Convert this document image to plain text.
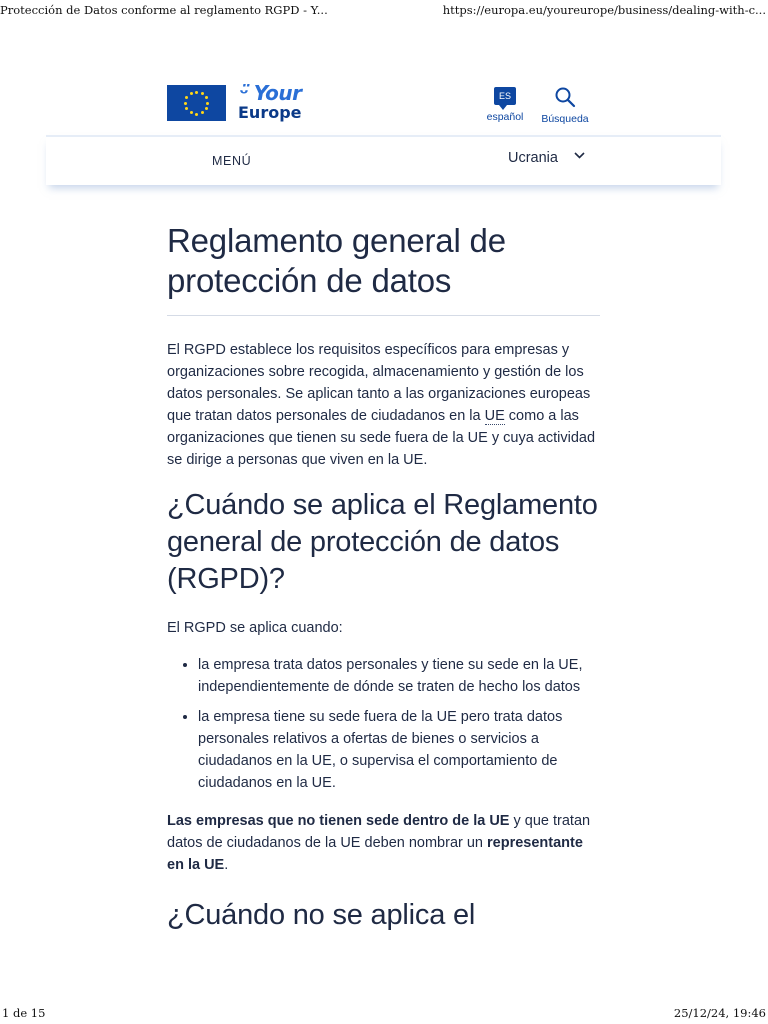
Protección de Datos conforme al reglamento RGPD - Y...	https://europa.eu/youreurope/business/dealing-with-c...
ᵕ̈ Your
Europe
ES
español	Búsqueda
MENÚ	Ucrania
Reglamento general de protección de datos

El RGPD establece los requisitos específicos para empresas y organizaciones sobre recogida, almacenamiento y gestión de los datos personales. Se aplican tanto a las organizaciones europeas que tratan datos personales de ciudadanos en la UE como a las organizaciones que tienen su sede fuera de la UE y cuya actividad se dirige a personas que viven en la UE.

¿Cuándo se aplica el Reglamento general de protección de datos (RGPD)?

El RGPD se aplica cuando:

• la empresa trata datos personales y tiene su sede en la UE, independientemente de dónde se traten de hecho los datos
• la empresa tiene su sede fuera de la UE pero trata datos personales relativos a ofertas de bienes o servicios a ciudadanos en la UE, o supervisa el comportamiento de ciudadanos en la UE.

Las empresas que no tienen sede dentro de la UE y que tratan datos de ciudadanos de la UE deben nombrar un representante en la UE.

¿Cuándo no se aplica el
1 de 15	25/12/24, 19:46
